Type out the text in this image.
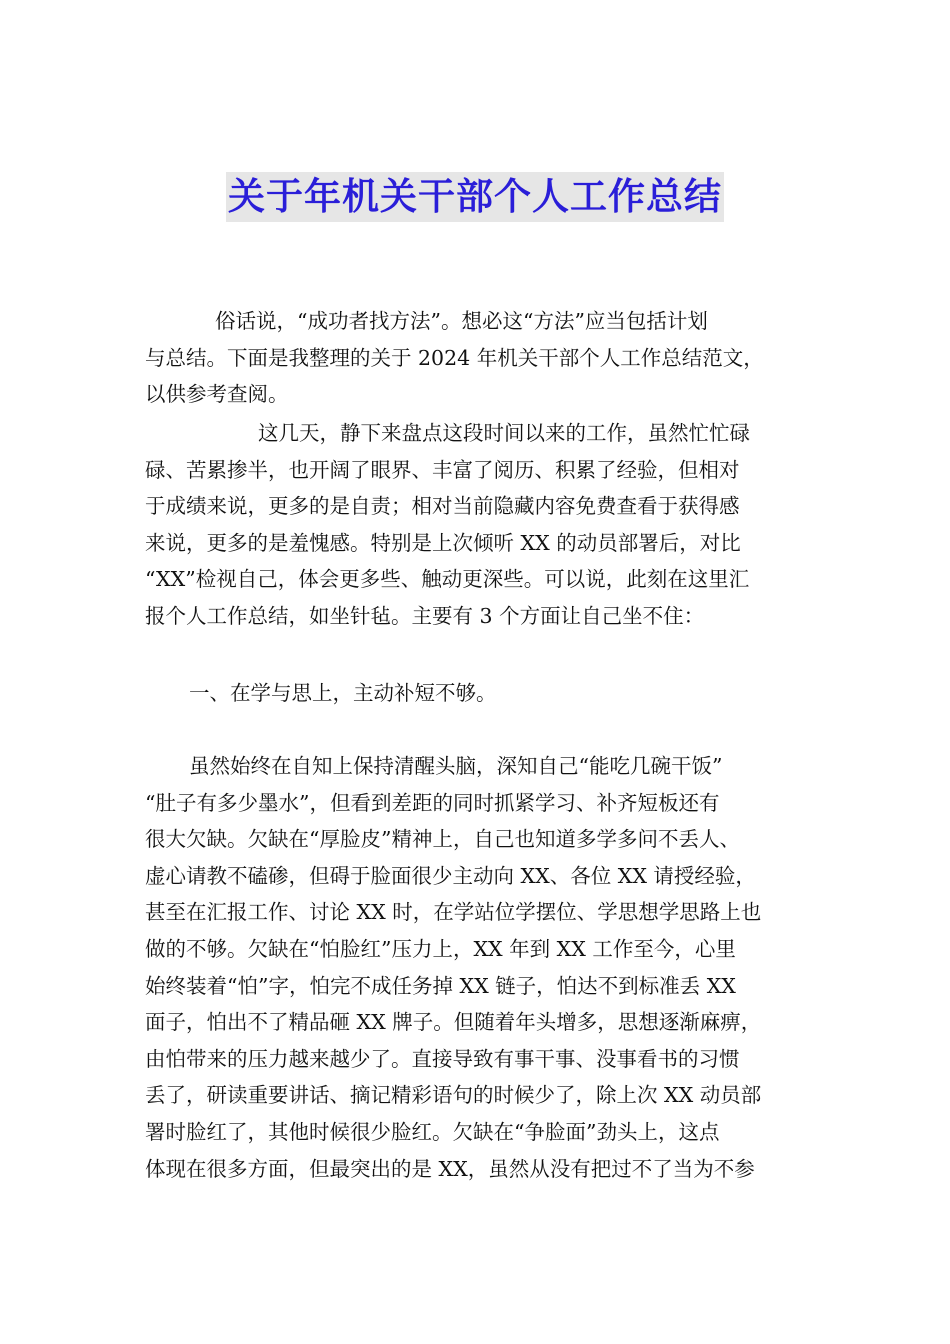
关于年机关干部个人工作总结
俗话说，“成功者找方法”。想必这“方法”应当包括计划
与总结。下面是我整理的关于 2024 年机关干部个人工作总结范文，
以供参考查阅。
这几天，静下来盘点这段时间以来的工作，虽然忙忙碌
碌、苦累掺半，也开阔了眼界、丰富了阅历、积累了经验，但相对
于成绩来说，更多的是自责；相对当前隐藏内容免费查看于获得感
来说，更多的是羞愧感。特别是上次倾听 XX 的动员部署后，对比
“XX”检视自己，体会更多些、触动更深些。可以说，此刻在这里汇
报个人工作总结，如坐针毡。主要有 3 个方面让自己坐不住：
一、在学与思上，主动补短不够。
虽然始终在自知上保持清醒头脑，深知自己“能吃几碗干饭”
“肚子有多少墨水”，但看到差距的同时抓紧学习、补齐短板还有
很大欠缺。欠缺在“厚脸皮”精神上，自己也知道多学多问不丢人、
虚心请教不磕碜，但碍于脸面很少主动向 XX、各位 XX 请授经验，
甚至在汇报工作、讨论 XX 时，在学站位学摆位、学思想学思路上也
做的不够。欠缺在“怕脸红”压力上，XX 年到 XX 工作至今，心里
始终装着“怕”字，怕完不成任务掉 XX 链子，怕达不到标准丢 XX
面子，怕出不了精品砸 XX 牌子。但随着年头增多，思想逐渐麻痹，
由怕带来的压力越来越少了。直接导致有事干事、没事看书的习惯
丢了，研读重要讲话、摘记精彩语句的时候少了，除上次 XX 动员部
署时脸红了，其他时候很少脸红。欠缺在“争脸面”劲头上，这点
体现在很多方面，但最突出的是 XX，虽然从没有把过不了当为不参
